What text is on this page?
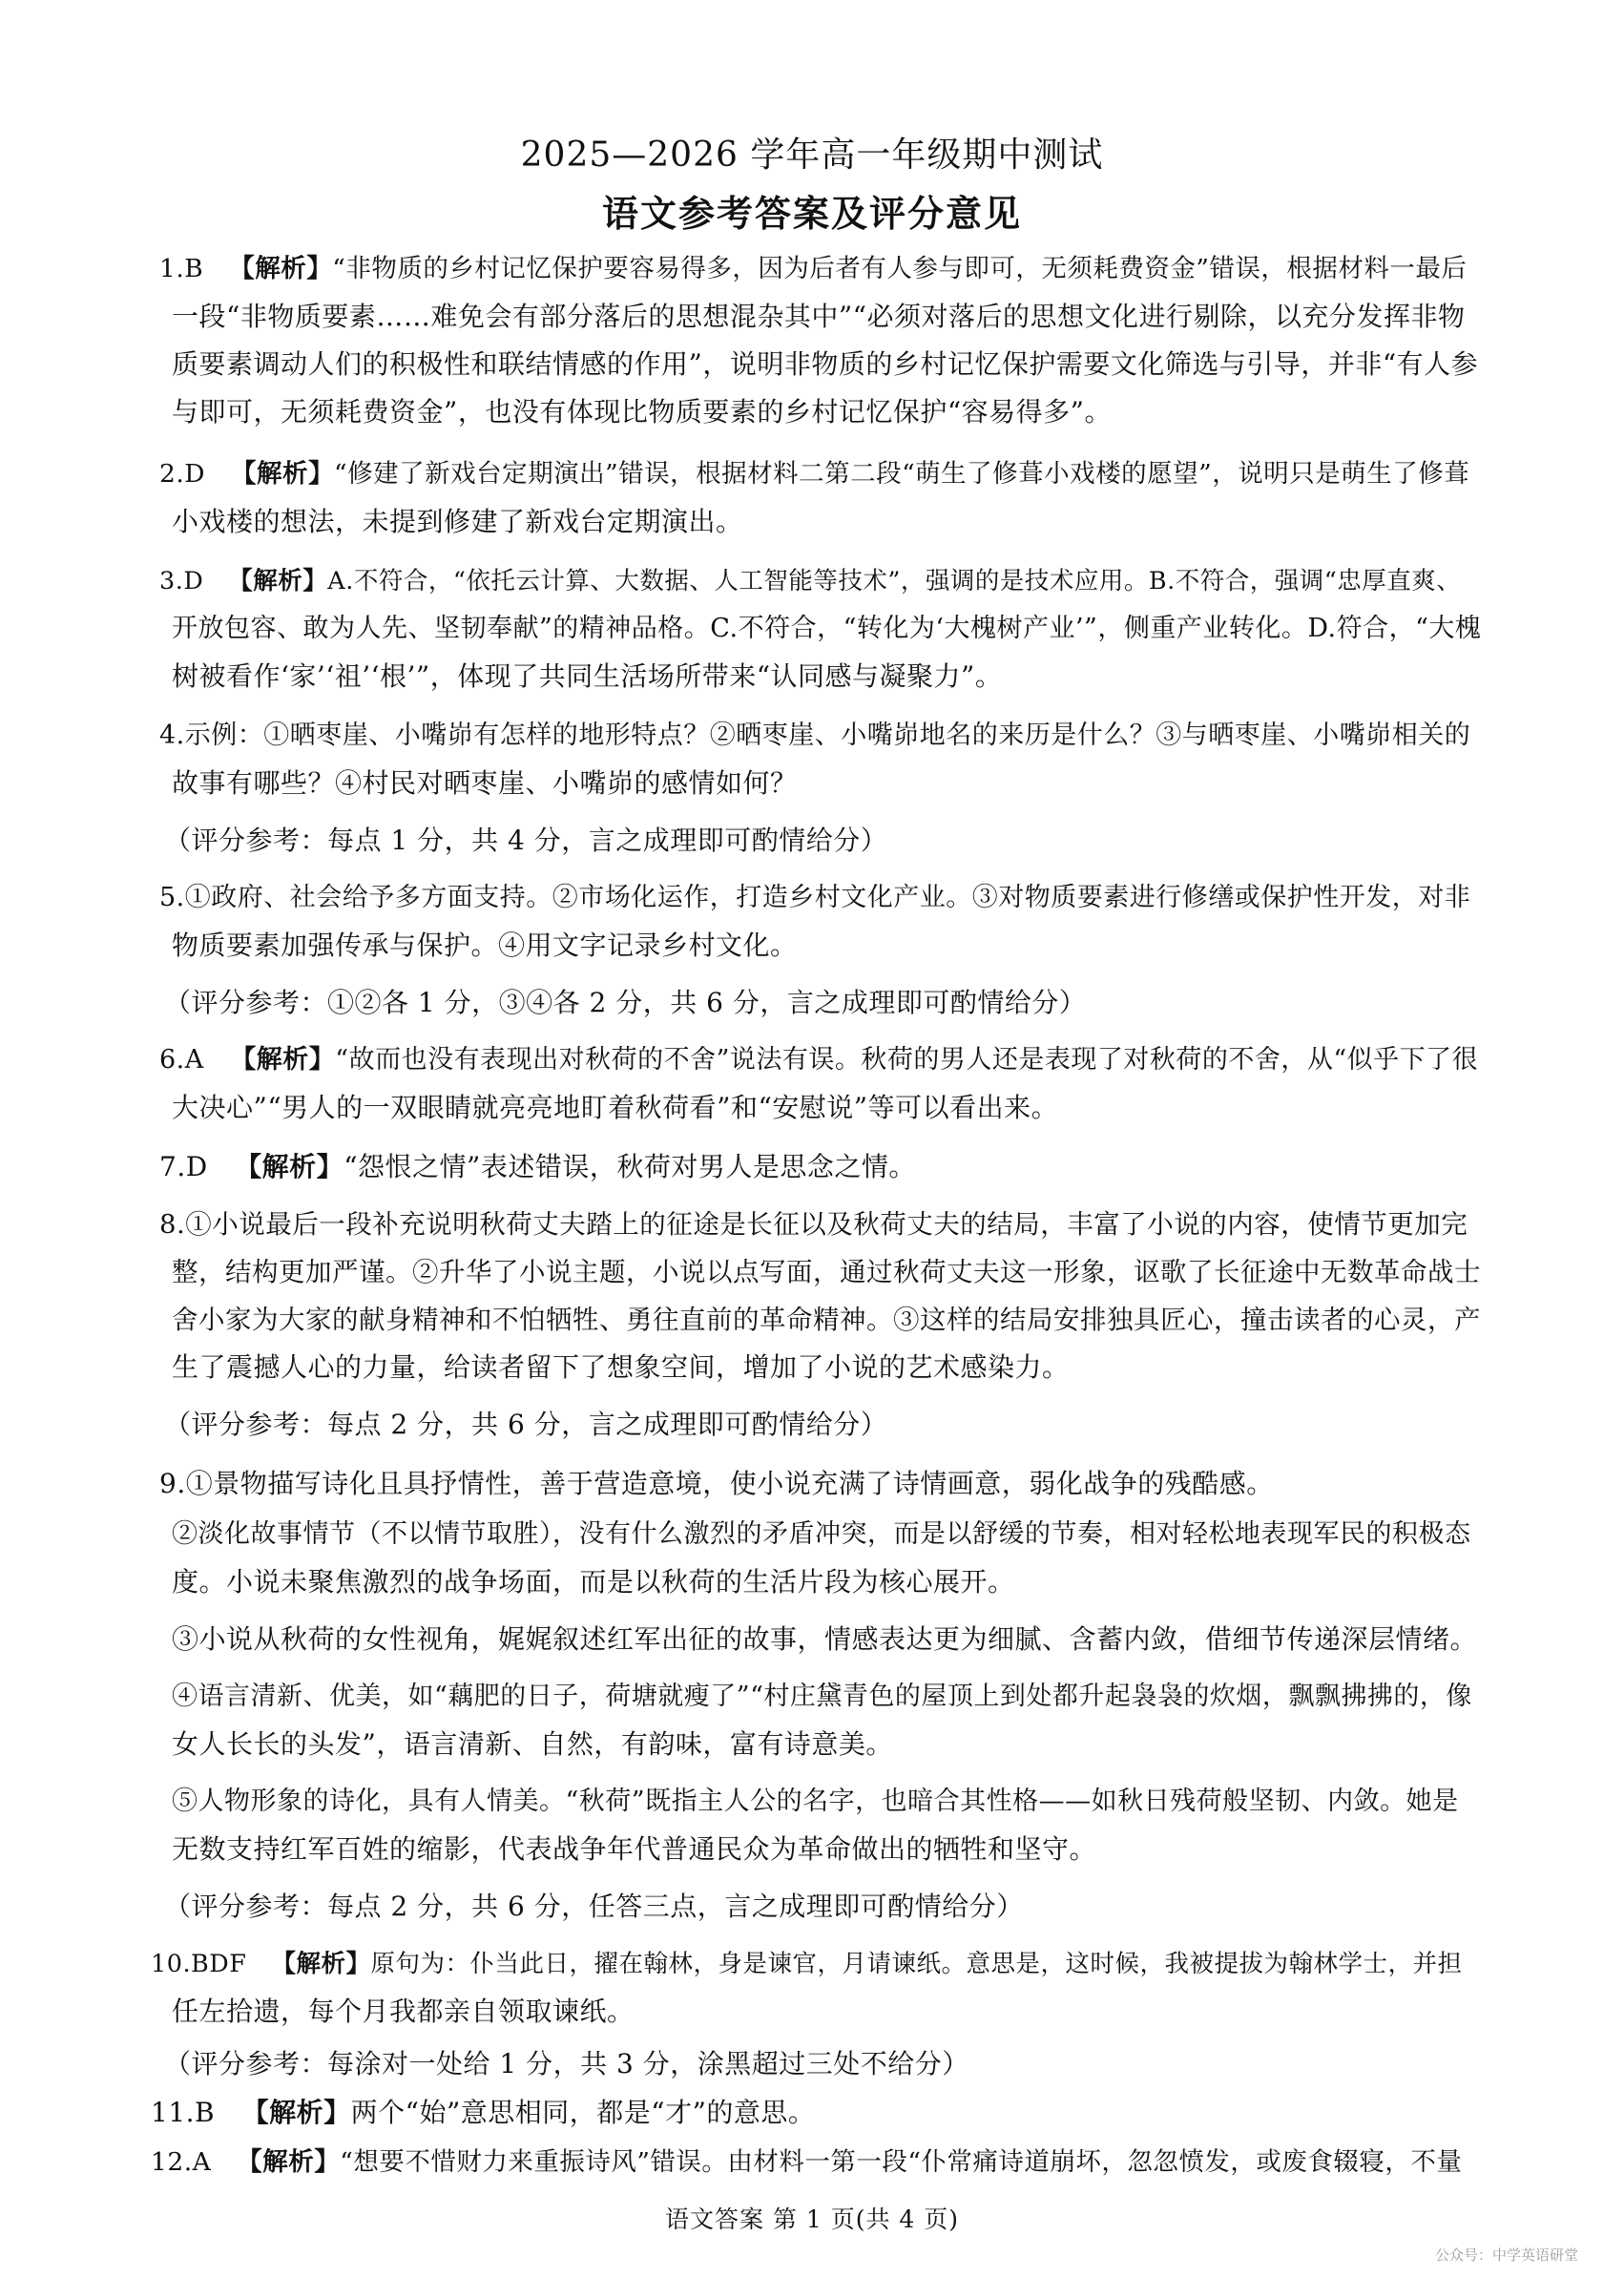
2025—2026 学年高一年级期中测试
语文参考答案及评分意见
1.B  【解析】“非物质的乡村记忆保护要容易得多，因为后者有人参与即可，无须耗费资金”错误，根据材料一最后
一段“非物质要素……难免会有部分落后的思想混杂其中”“必须对落后的思想文化进行剔除，以充分发挥非物
质要素调动人们的积极性和联结情感的作用”，说明非物质的乡村记忆保护需要文化筛选与引导，并非“有人参
与即可，无须耗费资金”，也没有体现比物质要素的乡村记忆保护“容易得多”。
2.D  【解析】“修建了新戏台定期演出”错误，根据材料二第二段“萌生了修葺小戏楼的愿望”，说明只是萌生了修葺
小戏楼的想法，未提到修建了新戏台定期演出。
3.D  【解析】A.不符合，“依托云计算、大数据、人工智能等技术”，强调的是技术应用。B.不符合，强调“忠厚直爽、
开放包容、敢为人先、坚韧奉献”的精神品格。C.不符合，“转化为‘大槐树产业’”，侧重产业转化。D.符合，“大槐
树被看作‘家’‘祖’‘根’”，体现了共同生活场所带来“认同感与凝聚力”。
4.示例：①晒枣崖、小嘴峁有怎样的地形特点？②晒枣崖、小嘴峁地名的来历是什么？③与晒枣崖、小嘴峁相关的
故事有哪些？④村民对晒枣崖、小嘴峁的感情如何？
（评分参考：每点 1 分，共 4 分，言之成理即可酌情给分）
5.①政府、社会给予多方面支持。②市场化运作，打造乡村文化产业。③对物质要素进行修缮或保护性开发，对非
物质要素加强传承与保护。④用文字记录乡村文化。
（评分参考：①②各 1 分，③④各 2 分，共 6 分，言之成理即可酌情给分）
6.A  【解析】“故而也没有表现出对秋荷的不舍”说法有误。秋荷的男人还是表现了对秋荷的不舍，从“似乎下了很
大决心”“男人的一双眼睛就亮亮地盯着秋荷看”和“安慰说”等可以看出来。
7.D  【解析】“怨恨之情”表述错误，秋荷对男人是思念之情。
8.①小说最后一段补充说明秋荷丈夫踏上的征途是长征以及秋荷丈夫的结局，丰富了小说的内容，使情节更加完
整，结构更加严谨。②升华了小说主题，小说以点写面，通过秋荷丈夫这一形象，讴歌了长征途中无数革命战士
舍小家为大家的献身精神和不怕牺牲、勇往直前的革命精神。③这样的结局安排独具匠心，撞击读者的心灵，产
生了震撼人心的力量，给读者留下了想象空间，增加了小说的艺术感染力。
（评分参考：每点 2 分，共 6 分，言之成理即可酌情给分）
9.①景物描写诗化且具抒情性，善于营造意境，使小说充满了诗情画意，弱化战争的残酷感。
②淡化故事情节（不以情节取胜），没有什么激烈的矛盾冲突，而是以舒缓的节奏，相对轻松地表现军民的积极态
度。小说未聚焦激烈的战争场面，而是以秋荷的生活片段为核心展开。
③小说从秋荷的女性视角，娓娓叙述红军出征的故事，情感表达更为细腻、含蓄内敛，借细节传递深层情绪。
④语言清新、优美，如“藕肥的日子，荷塘就瘦了”“村庄黛青色的屋顶上到处都升起袅袅的炊烟，飘飘拂拂的，像
女人长长的头发”，语言清新、自然，有韵味，富有诗意美。
⑤人物形象的诗化，具有人情美。“秋荷”既指主人公的名字，也暗合其性格——如秋日残荷般坚韧、内敛。她是
无数支持红军百姓的缩影，代表战争年代普通民众为革命做出的牺牲和坚守。
（评分参考：每点 2 分，共 6 分，任答三点，言之成理即可酌情给分）
10.BDF  【解析】原句为：仆当此日，擢在翰林，身是谏官，月请谏纸。意思是，这时候，我被提拔为翰林学士，并担
任左拾遗，每个月我都亲自领取谏纸。
（评分参考：每涂对一处给 1 分，共 3 分，涂黑超过三处不给分）
11.B  【解析】两个“始”意思相同，都是“才”的意思。
12.A  【解析】“想要不惜财力来重振诗风”错误。由材料一第一段“仆常痛诗道崩坏，忽忽愤发，或废食辍寝，不量
语文答案 第 1 页(共 4 页)
公众号：中学英语研堂
